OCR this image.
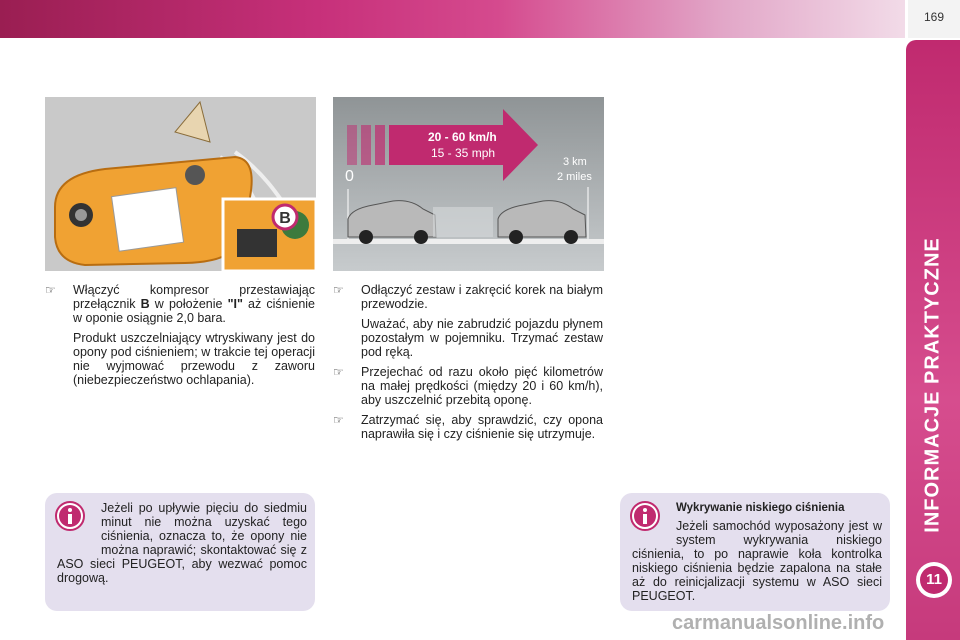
169
INFORMACJE PRAKTYCZNE
11
B
20 - 60 km/h
15 - 35 mph
0
3 km
2 miles

☞ Włączyć kompresor przestawiając przełącznik B w położenie "I" aż ciśnienie w oponie osiągnie 2,0 bara.

Produkt uszczelniający wtryskiwany jest do opony pod ciśnieniem; w trakcie tej operacji nie wyjmować przewodu z zaworu (niebezpieczeństwo ochlapania).

☞ Odłączyć zestaw i zakręcić korek na białym przewodzie.

Uważać, aby nie zabrudzić pojazdu płynem pozostałym w pojemniku. Trzymać zestaw pod ręką.

☞ Przejechać od razu około pięć kilometrów na małej prędkości (między 20 i 60 km/h), aby uszczelnić przebitą oponę.

☞ Zatrzymać się, aby sprawdzić, czy opona naprawiła się i czy ciśnienie się utrzymuje.

Jeżeli po upływie pięciu do siedmiu minut nie można uzyskać tego ciśnienia, oznacza to, że opony nie można naprawić; skontaktować się z ASO sieci PEUGEOT, aby wezwać pomoc drogową.
Wykrywanie niskiego ciśnienia
Jeżeli samochód wyposażony jest w system wykrywania niskiego ciśnienia, to po naprawie koła kontrolka niskiego ciśnienia będzie zapalona na stałe aż do reinicjalizacji systemu w ASO sieci PEUGEOT.
carmanualsonline.info
